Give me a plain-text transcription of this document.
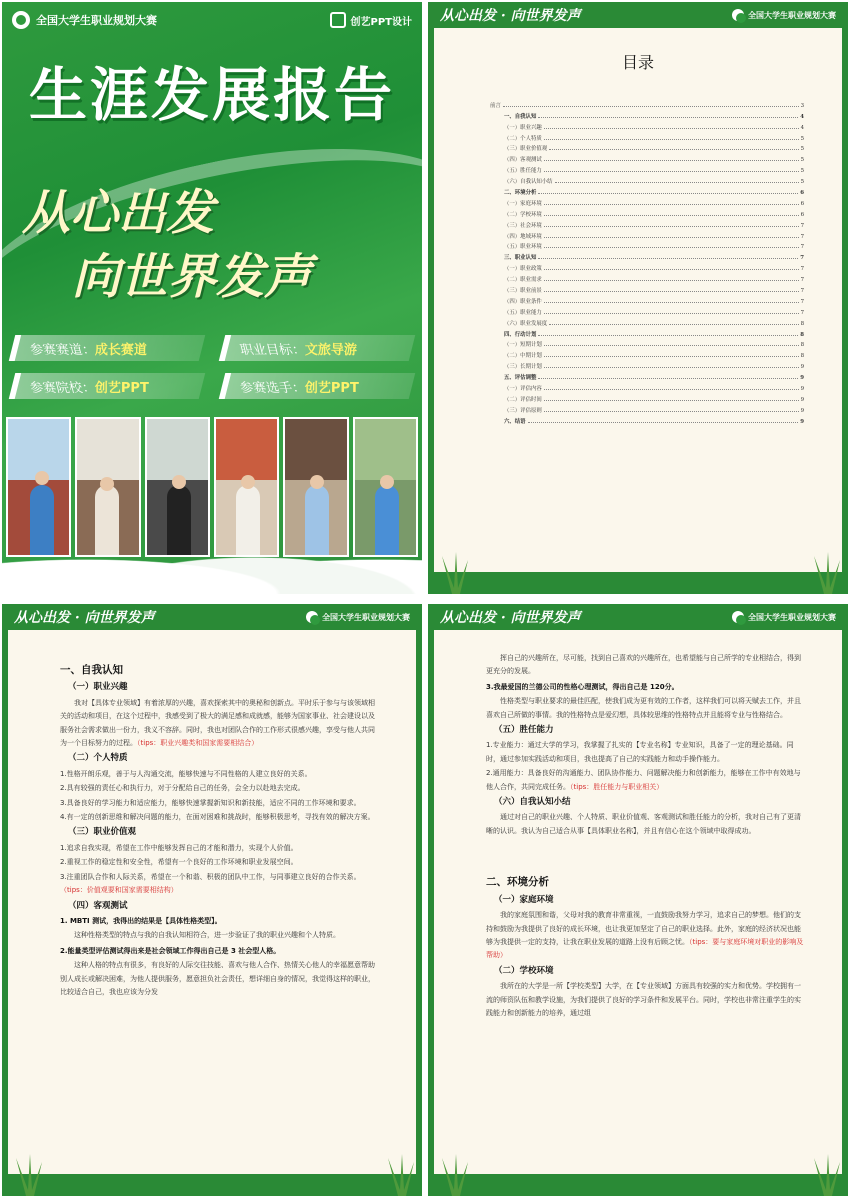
全国大学生职业规划大赛	创艺PPT设计
生涯发展报告
从心出发
向世界发声
参赛赛道：成长赛道	职业目标：文旅导游
参赛院校：创艺PPT	参赛选手：创艺PPT
从心出发 · 向世界发声	全国大学生职业规划大赛
目录
前言	3
一、自我认知	4
（一）职业兴趣	4
（二）个人特质	5
（三）职业价值观	5
（四）客观测试	5
（五）胜任能力	5
（六）自我认知小结	5
二、环境分析	6
（一）家庭环境	6
（二）学校环境	6
（三）社会环境	7
（四）地域环境	7
（五）职业环境	7
三、职业认知	7
（一）职业政策	7
（二）职业需求	7
（三）职业前景	7
（四）职业条件	7
（五）职业能力	7
（六）职业发展度	8
四、行动计划	8
（一）短期计划	8
（二）中期计划	8
（三）长期计划	9
五、评估调整	9
（一）评估内容	9
（二）评估时间	9
（三）评估原则	9
六、结语	9
从心出发 · 向世界发声	全国大学生职业规划大赛
一、自我认知
（一）职业兴趣
我对【具体专业领域】有着浓厚的兴趣，喜欢探索其中的奥秘和创新点。平时乐于参与与该领域相关的活动和项目，在这个过程中，我感受到了极大的满足感和成就感，能够为国家事业、社会建设以及服务社会需求做出一份力，我义不容辞。同时，我也对团队合作的工作形式很感兴趣，享受与他人共同为一个目标努力的过程。（tips：职业兴趣类和国家需要相结合）
（二）个人特质
1.性格开朗乐观，善于与人沟通交流，能够快速与不同性格的人建立良好的关系。
2.具有较强的责任心和执行力，对于分配给自己的任务，会全力以赴地去完成。
3.具备良好的学习能力和适应能力，能够快速掌握新知识和新技能，适应不同的工作环境和要求。
4.有一定的创新思维和解决问题的能力，在面对困难和挑战时，能够积极思考，寻找有效的解决方案。
（三）职业价值观
1.追求自我实现，希望在工作中能够发挥自己的才能和潜力，实现个人价值。
2.重视工作的稳定性和安全性，希望有一个良好的工作环境和职业发展空间。
3.注重团队合作和人际关系，希望在一个和谐、积极的团队中工作，与同事建立良好的合作关系。（tips：价值观要和国家需要相结构）
（四）客观测试
1. MBTI 测试，我得出的结果是【具体性格类型】。
这种性格类型的特点与我的自我认知相符合，进一步验证了我的职业兴趣和个人特质。
2.能量类型评估测试得出来是社会领域工作得出自己是 3 社会型人格。
这种人格的特点有很多，有良好的人际交往技能、喜欢与他人合作、热情关心他人的幸福愿意帮助别人成长或解决困难，为他人提供服务，愿意担负社会责任，想详细自身的情况，我觉得这样的职业，比较适合自己，我也应该为分发
从心出发 · 向世界发声	全国大学生职业规划大赛
挥自己的兴趣所在，尽可能，找到自己喜欢的兴趣所在，也希望能与自己所学的专业相结合，得到更充分的发展。
3.我最爱国的兰德公司的性格心理测试，得出自己是 120分。
性格类型与职业要求的最佳匹配，使我们成为更有效的工作者，这样我们可以将天赋去工作，并且喜欢自己所做的事情。我的性格特点是爱幻想，具体较思维的性格特点并且能将专业与性格结合。
（五）胜任能力
1.专业能力：通过大学的学习，我掌握了扎实的【专业名称】专业知识，具备了一定的理论基础。同时，通过参加实践活动和项目，我也提高了自己的实践能力和动手操作能力。
2.通用能力：具备良好的沟通能力、团队协作能力、问题解决能力和创新能力，能够在工作中有效地与他人合作，共同完成任务。（tips：胜任能力与职业相关）
（六）自我认知小结
通过对自己的职业兴趣、个人特质、职业价值观、客观测试和胜任能力的分析，我对自己有了更清晰的认识。我认为自己适合从事【具体职业名称】，并且有信心在这个领域中取得成功。
二、环境分析
（一）家庭环境
我的家庭氛围和谐，父母对我的教育非常重视，一直鼓励我努力学习，追求自己的梦想。他们的支持和鼓励为我提供了良好的成长环境，也让我更加坚定了自己的职业选择。此外，家庭的经济状况也能够为我提供一定的支持，让我在职业发展的道路上没有后顾之忧。（tips：要与家庭环境对职业的影响及帮助）
（二）学校环境
我所在的大学是一所【学校类型】大学，在【专业领域】方面具有较强的实力和优势。学校拥有一流的师资队伍和教学设施，为我们提供了良好的学习条件和发展平台。同时，学校也非常注重学生的实践能力和创新能力的培养，通过组
